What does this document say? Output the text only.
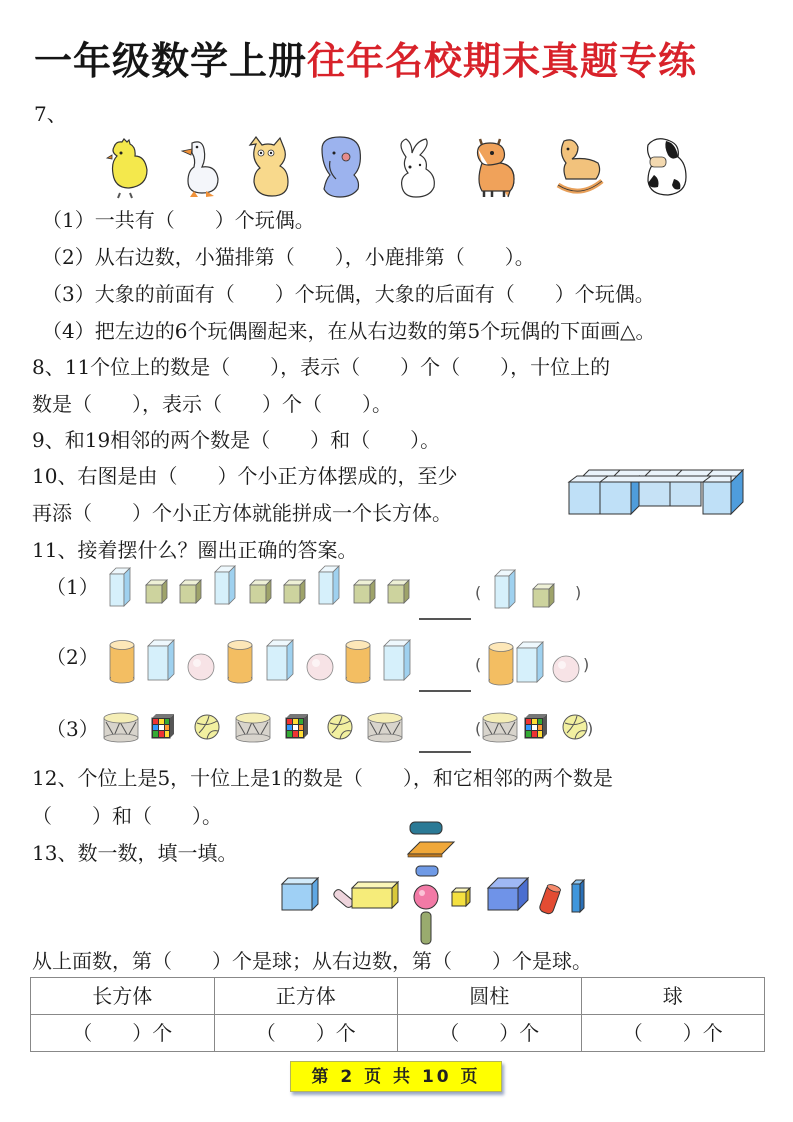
一年级数学上册往年名校期末真题专练
7、
（1）一共有（　　）个玩偶。
（2）从右边数，小猫排第（　　），小鹿排第（　　）。
（3）大象的前面有（　　）个玩偶，大象的后面有（　　）个玩偶。
（4）把左边的6个玩偶圈起来，在从右边数的第5个玩偶的下面画△。
8、11个位上的数是（　　），表示（　　）个（　　），十位上的
数是（　　），表示（　　）个（　　）。
9、和19相邻的两个数是（　　）和（　　）。
10、右图是由（　　）个小正方体摆成的，至少
再添（　　）个小正方体就能拼成一个长方体。
11、接着摆什么？圈出正确的答案。
（1）	(	)
（2）	(	)
（3）	(	)
12、个位上是5，十位上是1的数是（　　），和它相邻的两个数是
（　　）和（　　）。
13、数一数，填一填。
从上面数，第（　　）个是球；从右边数，第（　　）个是球。
长方体	正方体	圆柱	球
（　　）个	（　　）个	（　　）个	（　　）个
第 2 页 共 10 页
